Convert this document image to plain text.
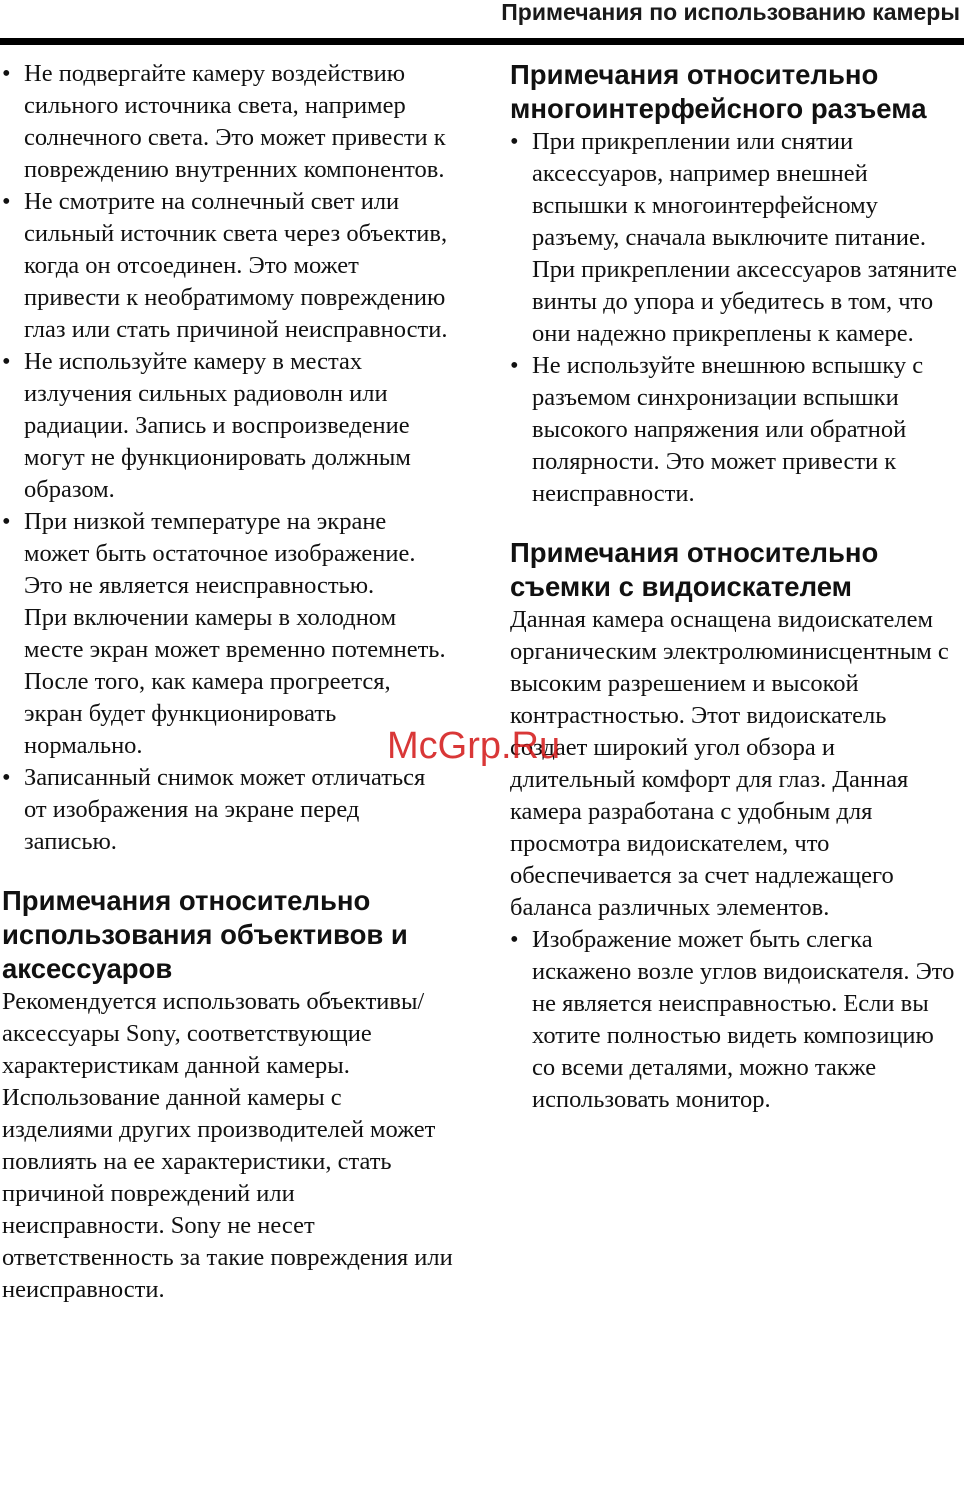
Примечания по использованию камеры

• Не подвергайте камеру воздействию сильного источника света, например солнечного света. Это может привести к повреждению внутренних компонентов.

• Не смотрите на солнечный свет или сильный источник света через объектив, когда он отсоединен. Это может привести к необратимому повреждению глаз или стать причиной неисправности.

• Не используйте камеру в местах излучения сильных радиоволн или радиации. Запись и воспроизведение могут не функционировать должным образом.

• При низкой температуре на экране может быть остаточное изображение. Это не является неисправностью.

При включении камеры в холодном месте экран может временно потемнеть. После того, как камера прогреется, экран будет функционировать нормально.

• Записанный снимок может отличаться от изображения на экране перед записью.

Примечания относительно использования объективов и аксессуаров

Рекомендуется использовать объективы/аксессуары Sony, соответствующие характеристикам данной камеры. Использование данной камеры с изделиями других производителей может повлиять на ее характеристики, стать причиной повреждений или неисправности. Sony не несет ответственность за такие повреждения или неисправности.

Примечания относительно многоинтерфейсного разъема

• При прикреплении или снятии аксессуаров, например внешней вспышки к многоинтерфейсному разъему, сначала выключите питание. При прикреплении аксессуаров затяните винты до упора и убедитесь в том, что они надежно прикреплены к камере.

• Не используйте внешнюю вспышку с разъемом синхронизации вспышки высокого напряжения или обратной полярности. Это может привести к неисправности.

Примечания относительно съемки с видоискателем

Данная камера оснащена видоискателем органическим электролюминисцентным с высоким разрешением и высокой контрастностью. Этот видоискатель создает широкий угол обзора и длительный комфорт для глаз. Данная камера разработана с удобным для просмотра видоискателем, что обеспечивается за счет надлежащего баланса различных элементов.

• Изображение может быть слегка искажено возле углов видоискателя. Это не является неисправностью. Если вы хотите полностью видеть композицию со всеми деталями, можно также использовать монитор.

McGrp.Ru
